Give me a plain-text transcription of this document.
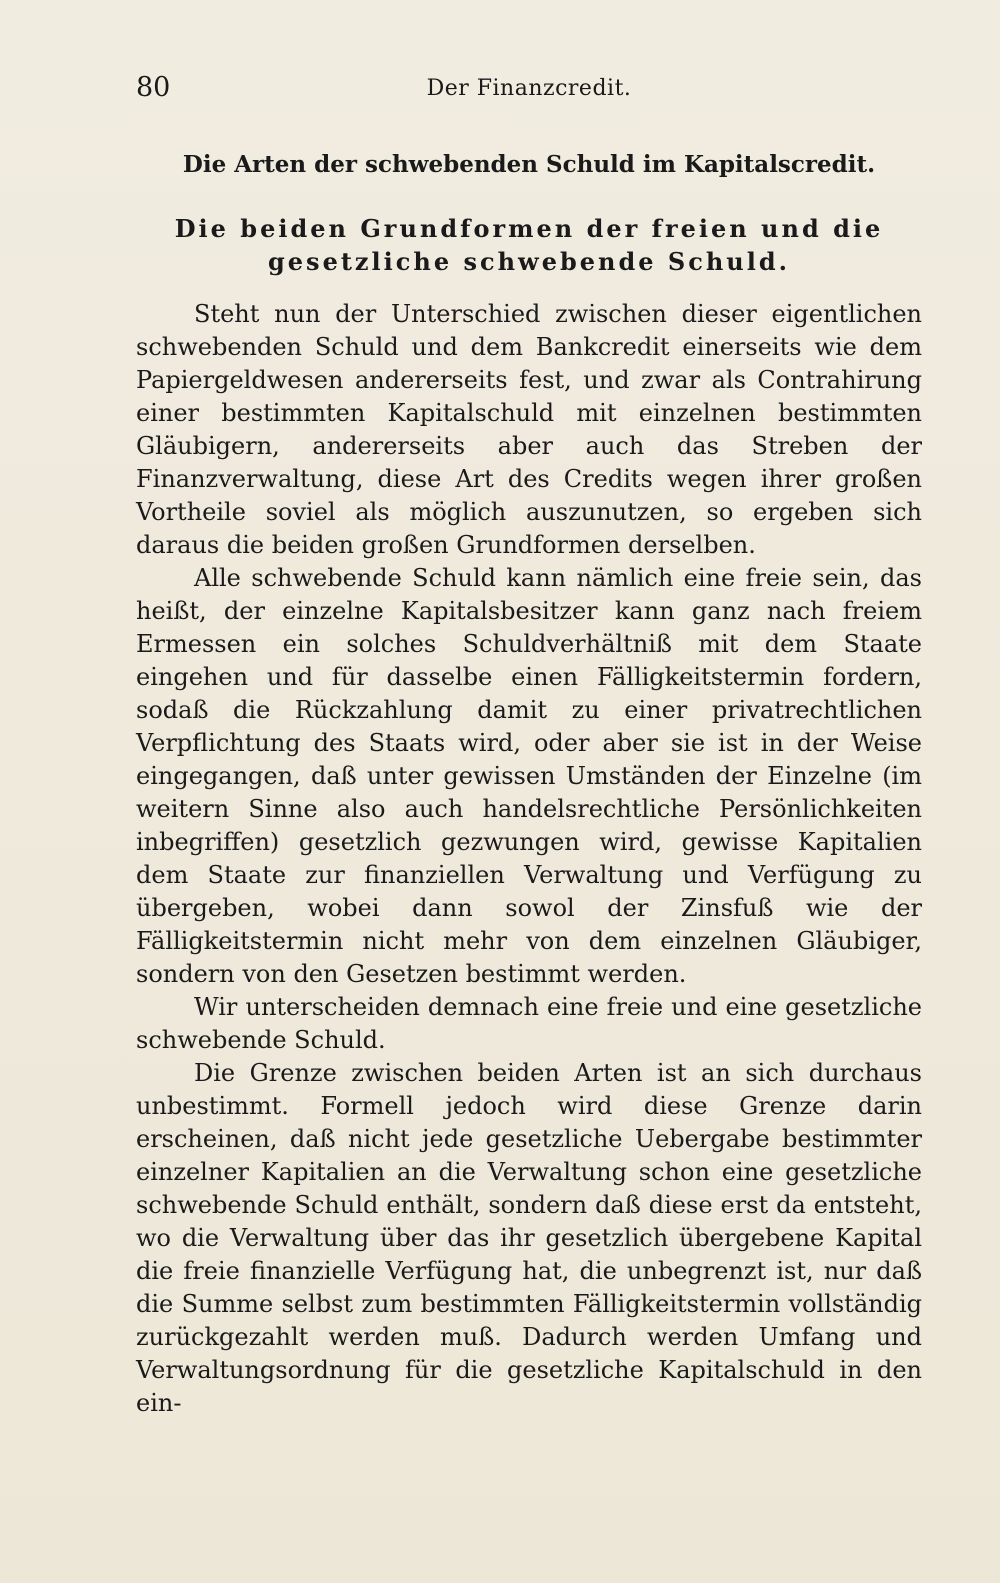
80	Der Finanzcredit.
Die Arten der schwebenden Schuld im Kapitalscredit.
Die beiden Grundformen der freien und die gesetzliche schwebende Schuld.

Steht nun der Unterschied zwischen dieser eigentlichen schwebenden Schuld und dem Bankcredit einerseits wie dem Papiergeldwesen andererseits fest, und zwar als Contrahirung einer bestimmten Kapitalschuld mit einzelnen bestimmten Gläubigern, andererseits aber auch das Streben der Finanzverwaltung, diese Art des Credits wegen ihrer großen Vortheile soviel als möglich auszunutzen, so ergeben sich daraus die beiden großen Grundformen derselben.

Alle schwebende Schuld kann nämlich eine freie sein, das heißt, der einzelne Kapitalsbesitzer kann ganz nach freiem Ermessen ein solches Schuldverhältniß mit dem Staate eingehen und für dasselbe einen Fälligkeitstermin fordern, sodaß die Rückzahlung damit zu einer privatrechtlichen Verpflichtung des Staats wird, oder aber sie ist in der Weise eingegangen, daß unter gewissen Umständen der Einzelne (im weitern Sinne also auch handelsrechtliche Persönlichkeiten inbegriffen) gesetzlich gezwungen wird, gewisse Kapitalien dem Staate zur finanziellen Verwaltung und Verfügung zu übergeben, wobei dann sowol der Zinsfuß wie der Fälligkeitstermin nicht mehr von dem einzelnen Gläubiger, sondern von den Gesetzen bestimmt werden.

Wir unterscheiden demnach eine freie und eine gesetzliche schwebende Schuld.

Die Grenze zwischen beiden Arten ist an sich durchaus unbestimmt. Formell jedoch wird diese Grenze darin erscheinen, daß nicht jede gesetzliche Uebergabe bestimmter einzelner Kapitalien an die Verwaltung schon eine gesetzliche schwebende Schuld enthält, sondern daß diese erst da entsteht, wo die Verwaltung über das ihr gesetzlich übergebene Kapital die freie finanzielle Verfügung hat, die unbegrenzt ist, nur daß die Summe selbst zum bestimmten Fälligkeitstermin vollständig zurückgezahlt werden muß. Dadurch werden Umfang und Verwaltungsordnung für die gesetzliche Kapitalschuld in den ein-
